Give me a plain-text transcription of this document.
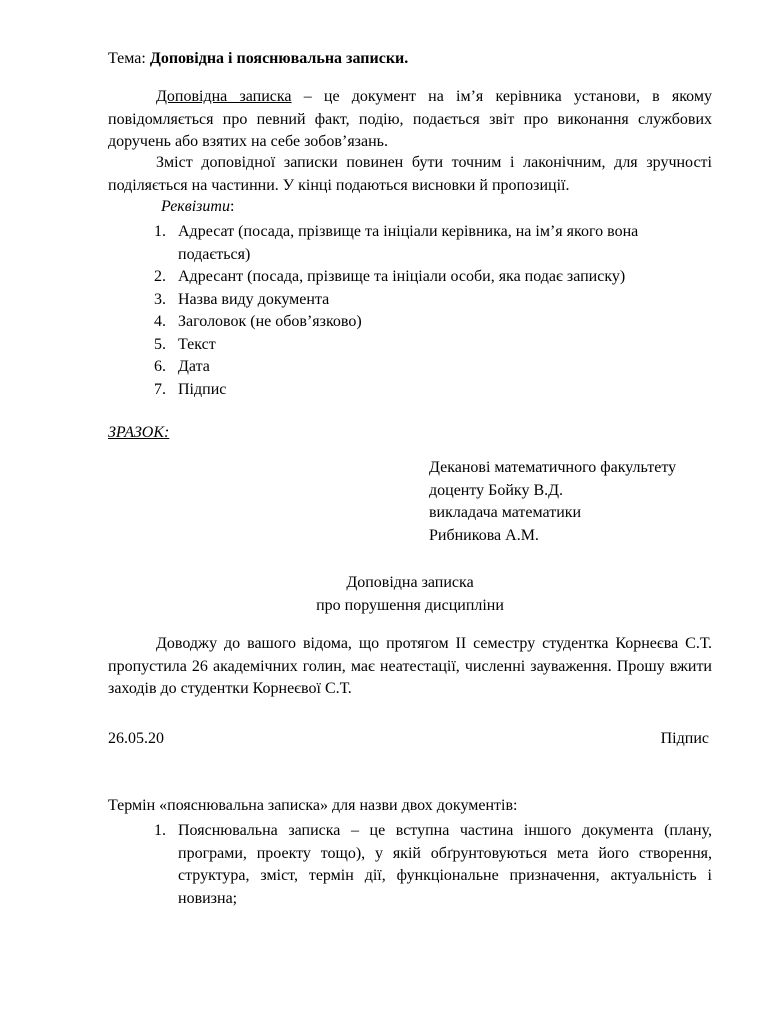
Тема: Доповідна і пояснювальна записки.
Доповідна записка – це документ на ім’я керівника установи, в якому повідомляється про певний факт, подію, подається звіт про виконання службових доручень або взятих на себе зобов’язань.
Зміст доповідної записки повинен бути точним і лаконічним, для зручності поділяється на частинни. У кінці подаються висновки й пропозиції.
Реквізити:
1. Адресат (посада, прізвище та ініціали керівника, на ім’я якого вона подається)
2. Адресант (посада, прізвище та ініціали особи, яка подає записку)
3. Назва виду документа
4. Заголовок (не обов’язково)
5. Текст
6. Дата
7. Підпис
ЗРАЗОК:
Деканові математичного факультету
доценту Бойку В.Д.
викладача математики
Рибникова А.М.
Доповідна записка
про порушення дисципліни
Доводжу до вашого відома, що протягом ІІ семестру студентка Корнеєва С.Т. пропустила 26 академічних голин, має неатестації, численні зауваження. Прошу вжити заходів до студентки Корнеєвої С.Т.
26.05.20	Підпис
Термін «пояснювальна записка» для назви двох документів:
1. Пояснювальна записка – це вступна частина іншого документа (плану, програми, проекту тощо), у якій обґрунтовуються мета його створення, структура, зміст, термін дії, функціональне призначення, актуальність і новизна;
